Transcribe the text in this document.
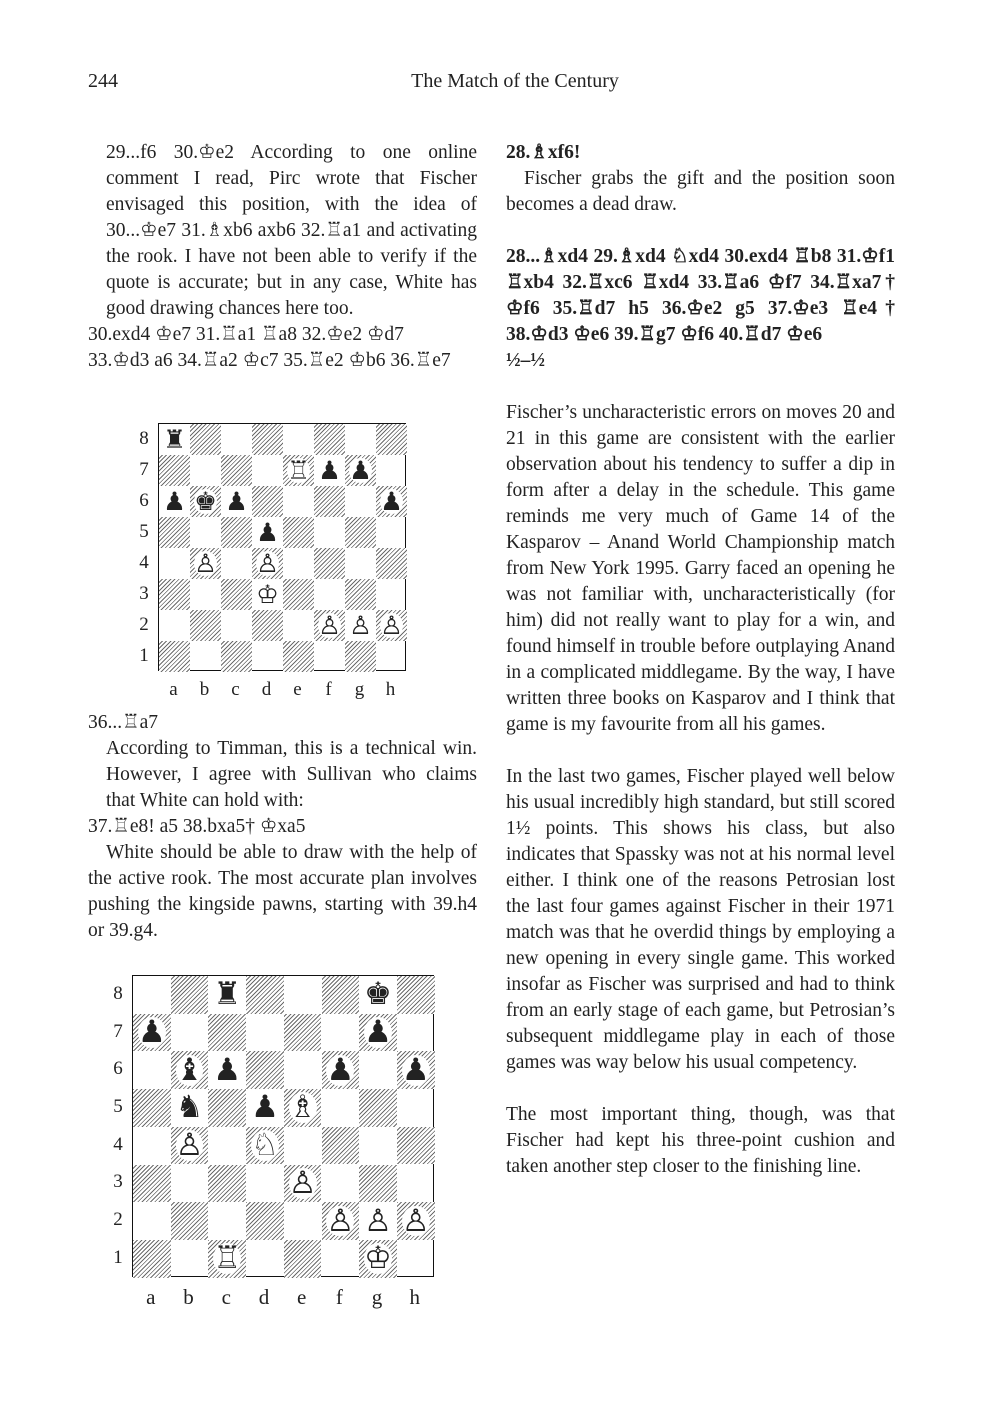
244	The Match of the Century

29...f6 30.♔e2 According to one online comment I read, Pirc wrote that Fischer envisaged this position, with the idea of 30...♔e7 31.♗xb6 axb6 32.♖a1 and activating the rook. I have not been able to verify if the quote is accurate; but in any case, White has good drawing chances here too.

30.exd4 ♔e7 31.♖a1 ♖a8 32.♔e2 ♔d7
33.♔d3 a6 34.♖a2 ♔c7 35.♖e2 ♔b6 36.♖e7

♜
♖ ♟ ♟
♟ ♚ ♟	♟
♟
♙ ♙
♔
♙ ♙ ♙
8
7
6
5
4
3
2
1
a	b	c	d	e	f	g	h

36...♖a7

According to Timman, this is a technical win. However, I agree with Sullivan who claims that White can hold with:

37.♖e8! a5 38.bxa5† ♔xa5

White should be able to draw with the help of the active rook. The most accurate plan involves pushing the kingside pawns, starting with 39.h4 or 39.g4.

♜	♚
♟	♟
♝ ♟	♟ ♟
♞ ♟ ♗
♙ ♘
♙
♙ ♙ ♙
♖	♔
8
7
6
5
4
3
2
1
a	b	c	d	e	f	g	h

28.♗xf6!

Fischer grabs the gift and the position soon becomes a dead draw.

28...♗xd4 29.♗xd4 ♘xd4 30.exd4 ♖b8 31.♔f1 ♖xb4 32.♖xc6 ♖xd4 33.♖a6 ♔f7 34.♖xa7† ♔f6 35.♖d7 h5 36.♔e2 g5 37.♔e3 ♖e4† 38.♔d3 ♔e6 39.♖g7 ♔f6 40.♖d7 ♔e6

½–½

Fischer’s uncharacteristic errors on moves 20 and 21 in this game are consistent with the earlier observation about his tendency to suffer a dip in form after a delay in the schedule. This game reminds me very much of Game 14 of the Kasparov – Anand World Championship match from New York 1995. Garry faced an opening he was not familiar with, uncharacteristically (for him) did not really want to play for a win, and found himself in trouble before outplaying Anand in a complicated middlegame. By the way, I have written three books on Kasparov and I think that game is my favourite from all his games.

In the last two games, Fischer played well below his usual incredibly high standard, but still scored 1½ points. This shows his class, but also indicates that Spassky was not at his normal level either. I think one of the reasons Petrosian lost the last four games against Fischer in their 1971 match was that he overdid things by employing a new opening in every single game. This worked insofar as Fischer was surprised and had to think from an early stage of each game, but Petrosian’s subsequent middlegame play in each of those games was way below his usual competency.

The most important thing, though, was that Fischer had kept his three-point cushion and taken another step closer to the finishing line.
